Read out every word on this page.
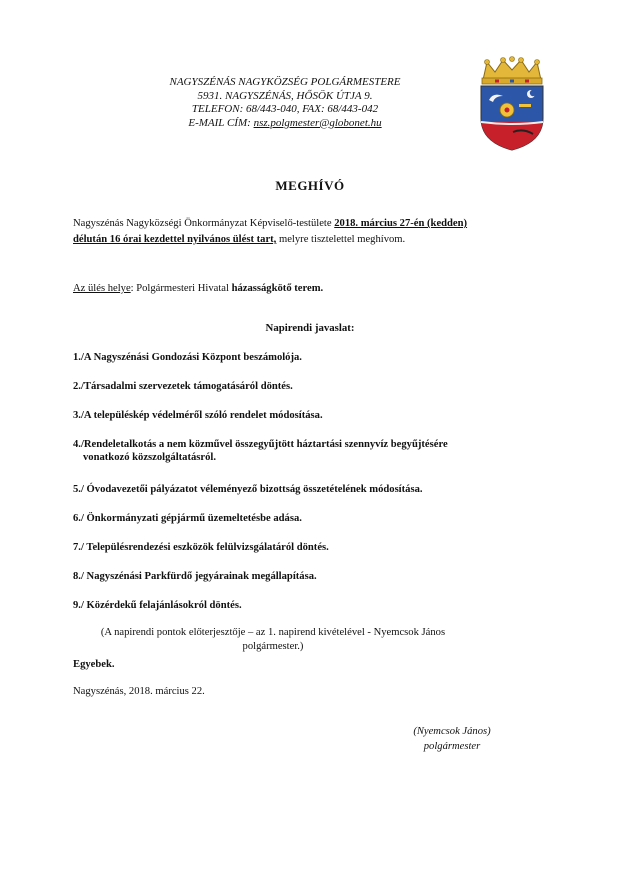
NAGYSZÉNÁS NAGYKÖZSÉG POLGÁRMESTERE
5931. NAGYSZÉNÁS, HŐSÖK ÚTJA 9.
TELEFON: 68/443-040, FAX: 68/443-042
E-MAIL CÍM: nsz.polgmester@globonet.hu
MEGHÍVÓ
Nagyszénás Nagyközségi Önkormányzat Képviselő-testülete 2018. március 27-én (kedden)
délután 16 órai kezdettel nyilvános ülést tart, melyre tisztelettel meghívom.
Az ülés helye: Polgármesteri Hivatal házasságkötő terem.
Napirendi javaslat:
1./A Nagyszénási Gondozási Központ beszámolója.
2./Társadalmi szervezetek támogatásáról döntés.
3./A településkép védelméről szóló rendelet módosítása.
4./Rendeletalkotás a nem közművel összegyűjtött háztartási szennyvíz begyűjtésére
vonatkozó közszolgáltatásról.
5./ Óvodavezetői pályázatot véleményező bizottság összetételének módosítása.
6./ Önkormányzati gépjármű üzemeltetésbe adása.
7./ Településrendezési eszközök felülvizsgálatáról döntés.
8./ Nagyszénási Parkfürdő jegyárainak megállapítása.
9./ Közérdekű felajánlásokról döntés.
(A napirendi pontok előterjesztője – az 1. napirend kivételével - Nyemcsok János
polgármester.)
Egyebek.
Nagyszénás, 2018. március 22.
(Nyemcsok János)
polgármester
